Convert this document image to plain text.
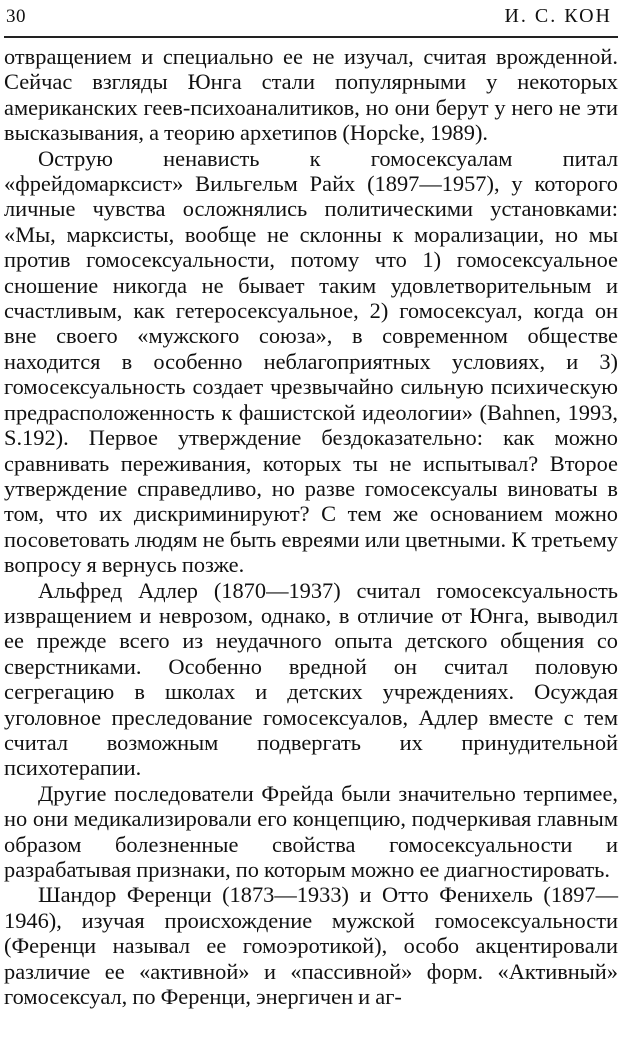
30	И. С. КОН

отвращением и специально ее не изучал, считая врожденной. Сейчас взгляды Юнга стали популярными у некоторых американских геев-психоаналитиков, но они берут у него не эти высказывания, а теорию архетипов (Hopcke, 1989).

Острую ненависть к гомосексуалам питал «фрейдомарксист» Вильгельм Райх (1897—1957), у которого личные чувства осложнялись политическими установками: «Мы, марксисты, вообще не склонны к морализации, но мы против гомосексуальности, потому что 1) гомосексуальное сношение никогда не бывает таким удовлетворительным и счастливым, как гетеросексуальное, 2) гомосексуал, когда он вне своего «мужского союза», в современном обществе находится в особенно неблагоприятных условиях, и 3) гомосексуальность создает чрезвычайно сильную психическую предрасположенность к фашистской идеологии» (Bahnen, 1993, S.192). Первое утверждение бездоказательно: как можно сравнивать переживания, которых ты не испытывал? Второе утверждение справедливо, но разве гомосексуалы виноваты в том, что их дискриминируют? С тем же основанием можно посоветовать людям не быть евреями или цветными. К третьему вопросу я вернусь позже.

Альфред Адлер (1870—1937) считал гомосексуальность извращением и неврозом, однако, в отличие от Юнга, выводил ее прежде всего из неудачного опыта детского общения со сверстниками. Особенно вредной он считал половую сегрегацию в школах и детских учреждениях. Осуждая уголовное преследование гомосексуалов, Адлер вместе с тем считал возможным подвергать их принудительной психотерапии.

Другие последователи Фрейда были значительно терпимее, но они медикализировали его концепцию, подчеркивая главным образом болезненные свойства гомосексуальности и разрабатывая признаки, по которым можно ее диагностировать.

Шандор Ференци (1873—1933) и Отто Фенихель (1897—1946), изучая происхождение мужской гомосексуальности (Ференци называл ее гомоэротикой), особо акцентировали различие ее «активной» и «пассивной» форм. «Активный» гомосексуал, по Ференци, энергичен и аг-
